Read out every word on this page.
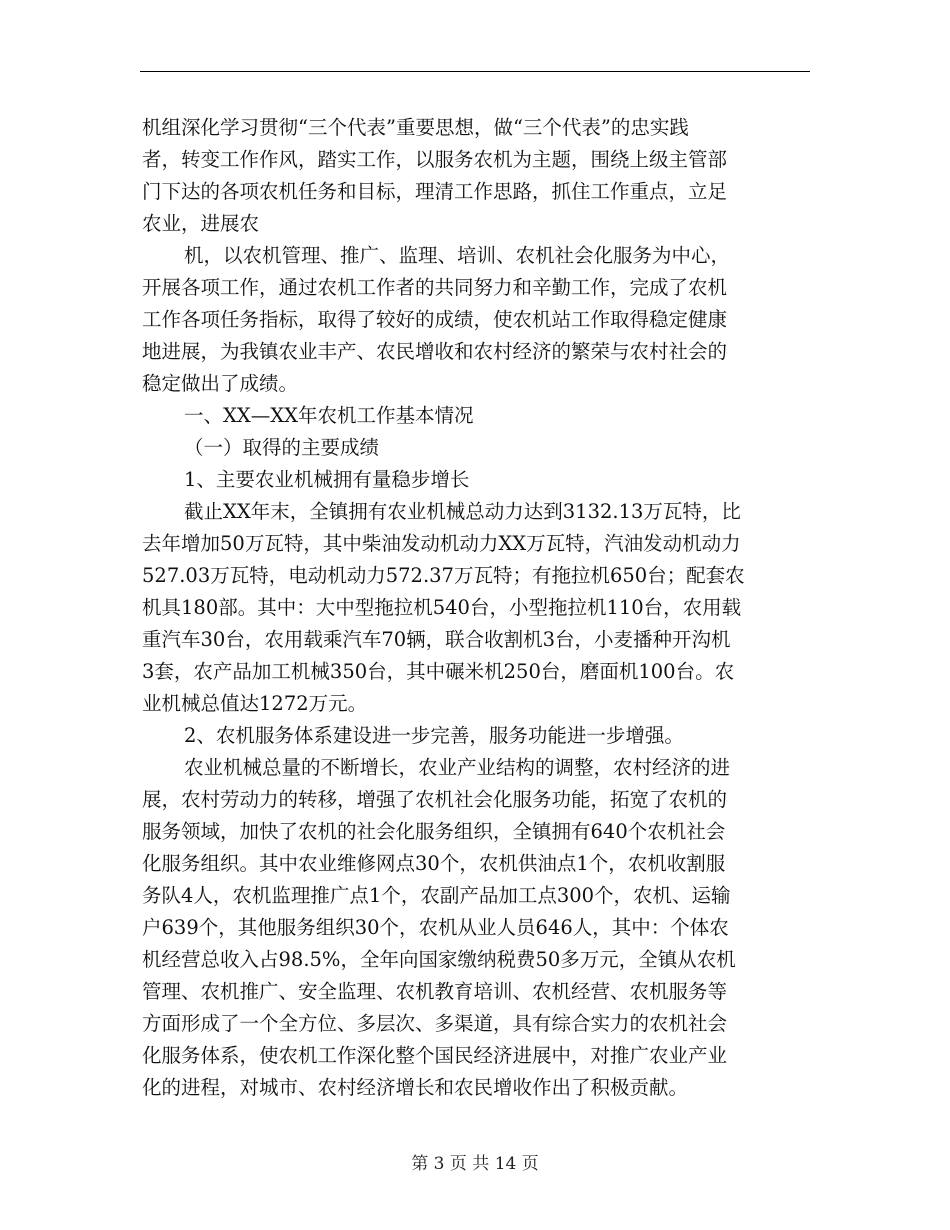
机组深化学习贯彻“三个代表”重要思想，做“三个代表”的忠实践
者，转变工作作风，踏实工作，以服务农机为主题，围绕上级主管部
门下达的各项农机任务和目标，理清工作思路，抓住工作重点，立足
农业，进展农
机，以农机管理、推广、监理、培训、农机社会化服务为中心，
开展各项工作，通过农机工作者的共同努力和辛勤工作，完成了农机
工作各项任务指标，取得了较好的成绩，使农机站工作取得稳定健康
地进展，为我镇农业丰产、农民增收和农村经济的繁荣与农村社会的
稳定做出了成绩。
一、XX—XX年农机工作基本情况
（一）取得的主要成绩
1、主要农业机械拥有量稳步增长
截止XX年末，全镇拥有农业机械总动力达到3132.13万瓦特，比
去年增加50万瓦特，其中柴油发动机动力XX万瓦特，汽油发动机动力
527.03万瓦特，电动机动力572.37万瓦特；有拖拉机650台；配套农
机具180部。其中：大中型拖拉机540台，小型拖拉机110台，农用载
重汽车30台，农用载乘汽车70辆，联合收割机3台，小麦播种开沟机
3套，农产品加工机械350台，其中碾米机250台，磨面机100台。农
业机械总值达1272万元。
2、农机服务体系建设进一步完善，服务功能进一步增强。
农业机械总量的不断增长，农业产业结构的调整，农村经济的进
展，农村劳动力的转移，增强了农机社会化服务功能，拓宽了农机的
服务领域，加快了农机的社会化服务组织，全镇拥有640个农机社会
化服务组织。其中农业维修网点30个，农机供油点1个，农机收割服
务队4人，农机监理推广点1个，农副产品加工点300个，农机、运输
户639个，其他服务组织30个，农机从业人员646人，其中：个体农
机经营总收入占98.5%，全年向国家缴纳税费50多万元，全镇从农机
管理、农机推广、安全监理、农机教育培训、农机经营、农机服务等
方面形成了一个全方位、多层次、多渠道，具有综合实力的农机社会
化服务体系，使农机工作深化整个国民经济进展中，对推广农业产业
化的进程，对城市、农村经济增长和农民增收作出了积极贡献。
第 3 页 共 14 页
